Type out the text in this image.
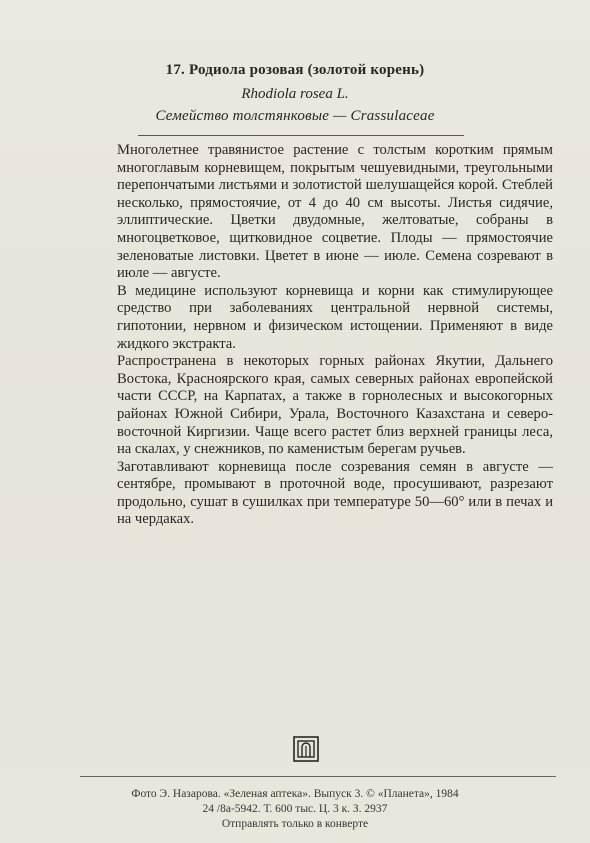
17. Родиола розовая (золотой корень)
Rhodiola rosea L.
Семейство толстянковые — Crassulaceae

Многолетнее травянистое растение с толстым коротким прямым многоглавым корневищем, покрытым чешуевидными, треугольными перепончатыми листьями и золотистой шелушащейся корой. Стеблей несколько, прямостоячие, от 4 до 40 см высоты. Листья сидячие, эллиптические. Цветки двудомные, желтоватые, собраны в многоцветковое, щитковидное соцветие. Плоды — прямостоячие зеленоватые листовки. Цветет в июне — июле. Семена созревают в июле — августе.

В медицине используют корневища и корни как стимулирующее средство при заболеваниях центральной нервной системы, гипотонии, нервном и физическом истощении. Применяют в виде жидкого экстракта.

Распространена в некоторых горных районах Якутии, Дальнего Востока, Красноярского края, самых северных районах европейской части СССР, на Карпатах, а также в горнолесных и высокогорных районах Южной Сибири, Урала, Восточного Казахстана и северо-восточной Киргизии. Чаще всего растет близ верхней границы леса, на скалах, у снежников, по каменистым берегам ручьев.

Заготавливают корневища после созревания семян в августе — сентябре, промывают в проточной воде, просушивают, разрезают продольно, сушат в сушилках при температуре 50—60° или в печах и на чердаках.

Фото Э. Назарова. «Зеленая аптека». Выпуск 3. © «Планета», 1984
24 /8а-5942. Т. 600 тыс. Ц. 3 к. З. 2937
Отправлять только в конверте
